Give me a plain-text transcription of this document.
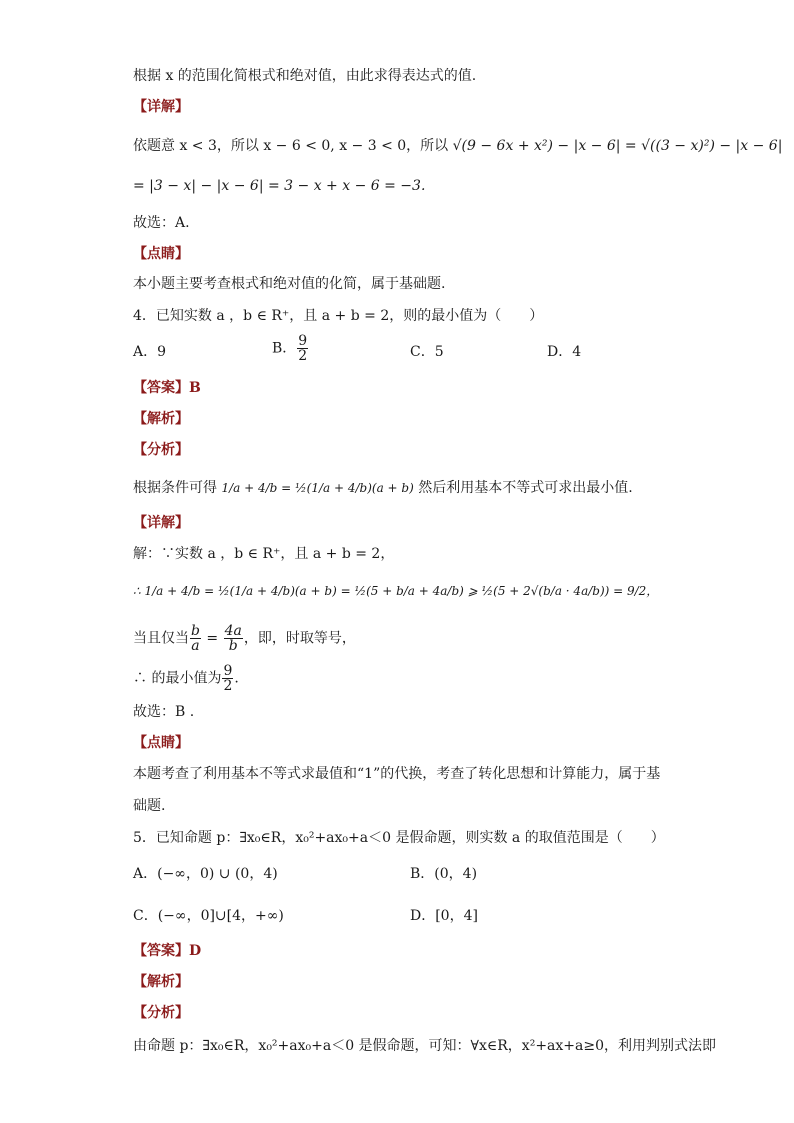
根据 x 的范围化简根式和绝对值，由此求得表达式的值.
【详解】
依题意 x < 3，所以 x − 6 < 0, x − 3 < 0，所以 √(9 − 6x + x²) − |x − 6| = √((3 − x)²) − |x − 6|
= |3 − x| − |x − 6| = 3 − x + x − 6 = −3.
故选：A.
【点睛】
本小题主要考查根式和绝对值的化简，属于基础题.
4．已知实数 a ，b ∈ R⁺，且 a + b = 2，则的最小值为（　　）
A．9	B． $\frac{9}{2}$	C．5	D．4
【答案】B
【解析】
【分析】
根据条件可得 1/a + 4/b = ½(1/a + 4/b)(a + b) 然后利用基本不等式可求出最小值.
【详解】
解：∵实数 a ，b ∈ R⁺，且 a + b = 2，
∴ 1/a + 4/b = ½(1/a + 4/b)(a + b) = ½(5 + b/a + 4a/b) ⩾ ½(5 + 2√(b/a · 4a/b)) = 9/2，
当且仅当 $\frac{b}{a} = \frac{4a}{b}$ ，即，时取等号，
∴ 的最小值为 $\frac{9}{2}$ .
故选：B .
【点睛】
本题考查了利用基本不等式求最值和“1”的代换，考查了转化思想和计算能力，属于基
础题.
5．已知命题 p：∃x₀∈R，x₀²+ax₀+a＜0 是假命题，则实数 a 的取值范围是（　　）
A．(−∞，0) ∪ (0，4)	B．(0，4)
C．(−∞，0]∪[4，+∞)	D．[0，4]
【答案】D
【解析】
【分析】
由命题 p：∃x₀∈R，x₀²+ax₀+a＜0 是假命题，可知：∀x∈R，x²+ax+a≥0，利用判别式法即
